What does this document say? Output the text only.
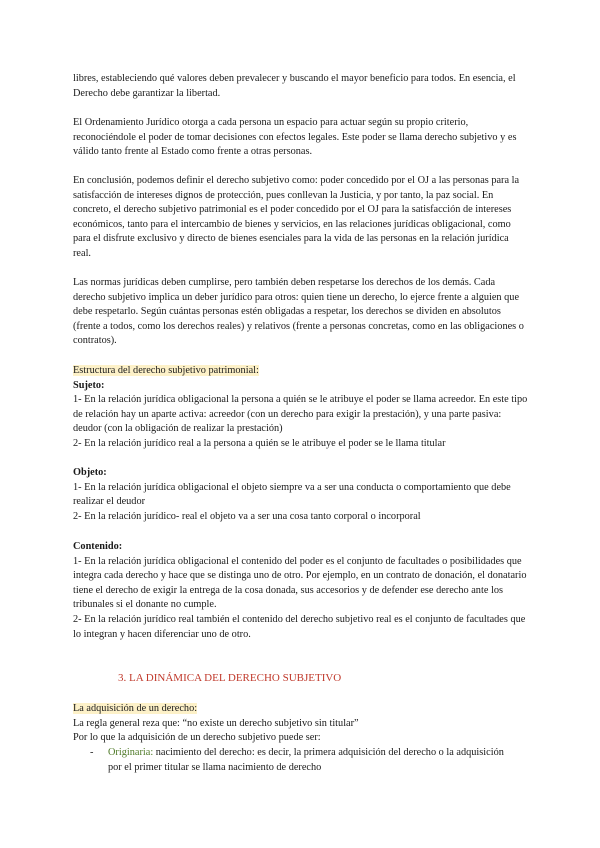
libres, estableciendo qué valores deben prevalecer y buscando el mayor beneficio para todos. En esencia, el Derecho debe garantizar la libertad.

El Ordenamiento Jurídico otorga a cada persona un espacio para actuar según su propio criterio, reconociéndole el poder de tomar decisiones con efectos legales. Este poder se llama derecho subjetivo y es válido tanto frente al Estado como frente a otras personas.

En conclusión, podemos definir el derecho subjetivo como: poder concedido por el OJ a las personas para la satisfacción de intereses dignos de protección, pues conllevan la Justicia, y por tanto, la paz social. En concreto, el derecho subjetivo patrimonial es el poder concedido por el OJ para la satisfacción de intereses económicos, tanto para el intercambio de bienes y servicios, en las relaciones jurídicas obligacional, como para el disfrute exclusivo y directo de bienes esenciales para la vida de las personas en la relación jurídica real.

Las normas jurídicas deben cumplirse, pero también deben respetarse los derechos de los demás. Cada derecho subjetivo implica un deber jurídico para otros: quien tiene un derecho, lo ejerce frente a alguien que debe respetarlo. Según cuántas personas estén obligadas a respetar, los derechos se dividen en absolutos (frente a todos, como los derechos reales) y relativos (frente a personas concretas, como en las obligaciones o contratos).

Estructura del derecho subjetivo patrimonial:

Sujeto:

1- En la relación jurídica obligacional la persona a quién se le atribuye el poder se llama acreedor. En este tipo de relación hay un aparte activa: acreedor (con un derecho para exigir la prestación), y una parte pasiva: deudor (con la obligación de realizar la prestación)

2- En la relación jurídico real a la persona a quién se le atribuye el poder se le llama titular

Objeto:

1- En la relación jurídica obligacional el objeto siempre va a ser una conducta o comportamiento que debe realizar el deudor

2- En la relación jurídico- real el objeto va a ser una cosa tanto corporal o incorporal

Contenido:

1- En la relación jurídica obligacional el contenido del poder es el conjunto de facultades o posibilidades que integra cada derecho y hace que se distinga uno de otro. Por ejemplo, en un contrato de donación, el donatario tiene el derecho de exigir la entrega de la cosa donada, sus accesorios y de defender ese derecho ante los tribunales si el donante no cumple.

2- En la relación jurídico real también el contenido del derecho subjetivo real es el conjunto de facultades que lo integran y hacen diferenciar uno de otro.

3. LA DINÁMICA DEL DERECHO SUBJETIVO

La adquisición de un derecho:

La regla general reza que: “no existe un derecho subjetivo sin titular”

Por lo que la adquisición de un derecho subjetivo puede ser:

- Originaria: nacimiento del derecho: es decir, la primera adquisición del derecho o la adquisición por el primer titular se llama nacimiento de derecho
